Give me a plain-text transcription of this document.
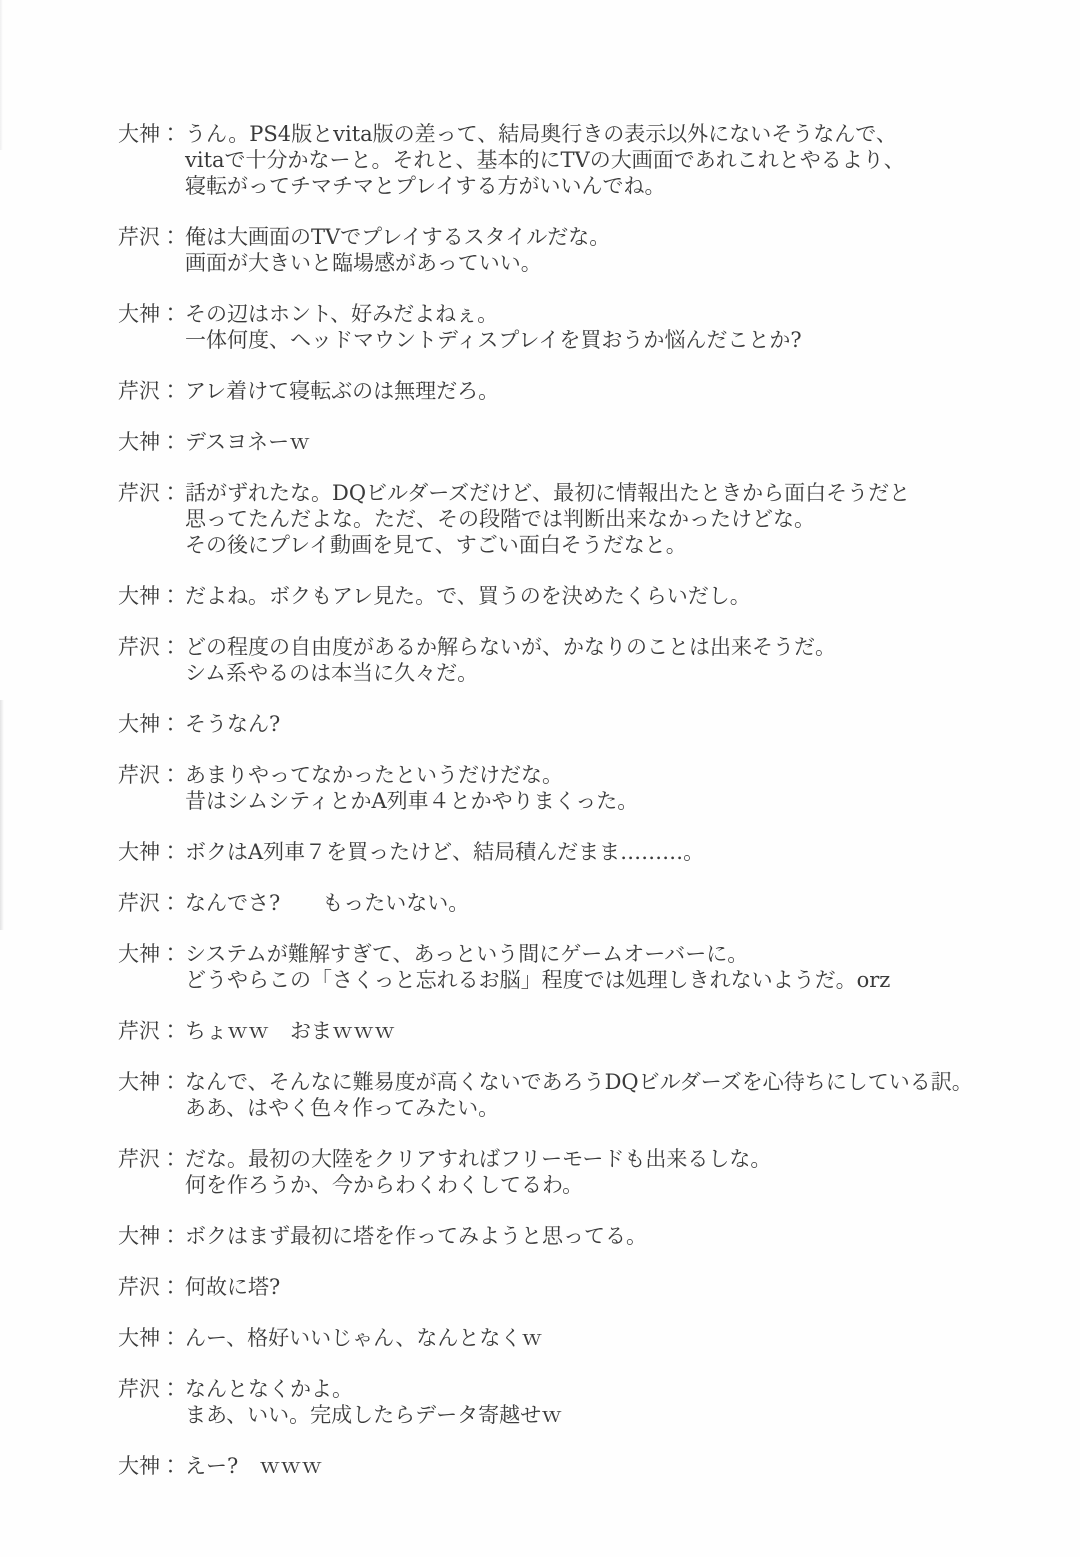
大神： うん。PS4版とvita版の差って、結局奥行きの表示以外にないそうなんで、
vitaで十分かなーと。それと、基本的にTVの大画面であれこれとやるより、
寝転がってチマチマとプレイする方がいいんでね。
芹沢： 俺は大画面のTVでプレイするスタイルだな。
画面が大きいと臨場感があっていい。
大神： その辺はホント、好みだよねぇ。
一体何度、ヘッドマウントディスプレイを買おうか悩んだことか?
芹沢： アレ着けて寝転ぶのは無理だろ。
大神： デスヨネーｗ
芹沢： 話がずれたな。DQビルダーズだけど、最初に情報出たときから面白そうだと
思ってたんだよな。ただ、その段階では判断出来なかったけどな。
その後にプレイ動画を見て、すごい面白そうだなと。
大神： だよね。ボクもアレ見た。で、買うのを決めたくらいだし。
芹沢： どの程度の自由度があるか解らないが、かなりのことは出来そうだ。
シム系やるのは本当に久々だ。
大神： そうなん?
芹沢： あまりやってなかったというだけだな。
昔はシムシティとかA列車４とかやりまくった。
大神： ボクはA列車７を買ったけど、結局積んだまま………。
芹沢： なんでさ?　　もったいない。
大神： システムが難解すぎて、あっという間にゲームオーバーに。
どうやらこの「さくっと忘れるお脳」程度では処理しきれないようだ。orz
芹沢： ちょｗｗ　おまｗｗｗ
大神： なんで、そんなに難易度が高くないであろうDQビルダーズを心待ちにしている訳。
ああ、はやく色々作ってみたい。
芹沢： だな。最初の大陸をクリアすればフリーモードも出来るしな。
何を作ろうか、今からわくわくしてるわ。
大神： ボクはまず最初に塔を作ってみようと思ってる。
芹沢： 何故に塔?
大神： んー、格好いいじゃん、なんとなくｗ
芹沢： なんとなくかよ。
まあ、いい。完成したらデータ寄越せｗ
大神： えー?　ｗｗｗ
